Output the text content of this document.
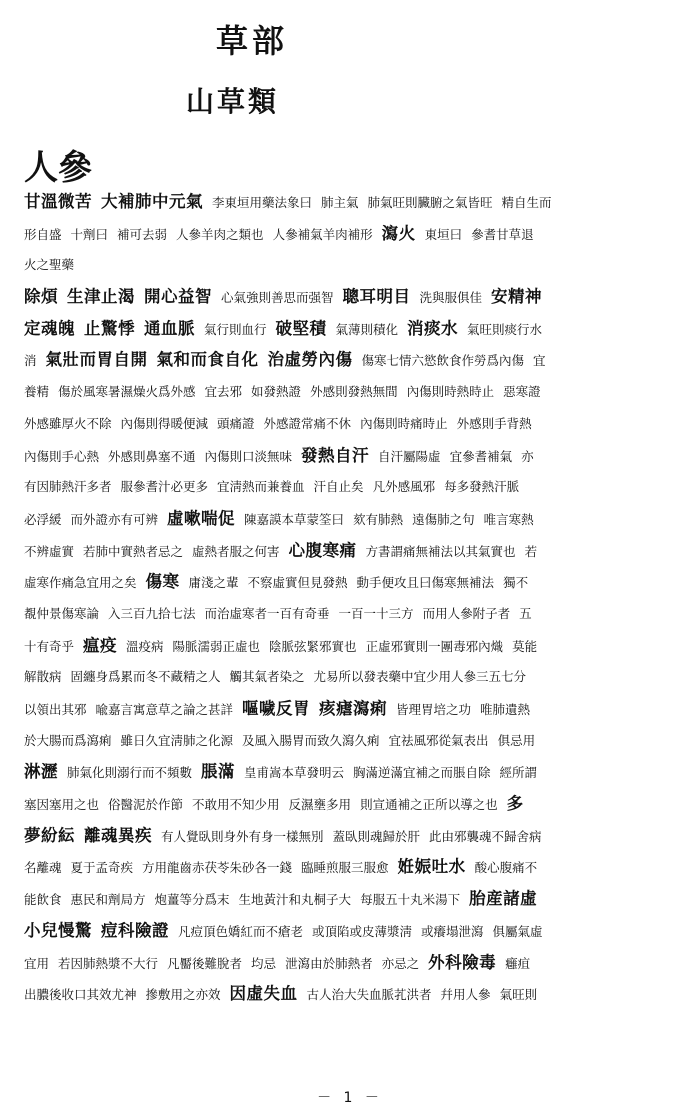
草部
山草類
人參
甘溫微苦 大補肺中元氣 李東垣用藥法象曰 肺主氣 肺氣旺則臟腑之氣皆旺 精自生而
形自盛 十劑曰 補可去弱 人參羊肉之類也 人參補氣羊肉補形 瀉火 東垣曰 參耆甘草退
火之聖藥
除煩 生津止渴 開心益智 心氣強則善思而强智 聰耳明目 洗與服俱佳 安精神
定魂魄 止驚悸 通血脈 氣行則血行 破堅積 氣薄則積化 消痰水 氣旺則痰行水
消 氣壯而胃自開 氣和而食自化 治虛勞內傷 傷寒七情六慾飲食作勞爲內傷 宜
養精 傷於風寒暑濕燥火爲外感 宜去邪 如發熱證 外感則發熱無間 內傷則時熱時止 惡寒證
外感雖厚火不除 內傷則得暖便減 頭痛證 外感證常痛不休 內傷則時痛時止 外感則手背熱
內傷則手心熱 外感則鼻塞不通 內傷則口淡無味 發熱自汗 自汗屬陽虛 宜參耆補氣 亦
有因肺熱汗多者 服參耆汁必更多 宜淸熱而兼養血 汗自止矣 凡外感風邪 每多發熱汗脈
必浮緩 而外證亦有可辨 虛嗽喘促 陳嘉謨本草蒙筌曰 欬有肺熱 遠傷肺之句 唯言寒熱
不辨虛實 若肺中實熱者忌之 虛熱者服之何害 心腹寒痛 方書謂痛無補法以其氣實也 若
虛寒作痛急宜用之矣 傷寒 庸淺之輩 不察虛實但見發熱 動手便攻且曰傷寒無補法 獨不
覩仲景傷寒論 入三百九拾七法 而治虛寒者一百有奇垂 一百一十三方 而用人參附子者 五
十有奇乎 瘟疫 溫疫病 陽脈濡弱正虛也 陰脈弦緊邪實也 正虛邪實則一團毒邪內熾 莫能
解散病 固纏身爲累而冬不藏精之人 觸其氣者染之 尤易所以發表藥中宜少用人參三五七分
以領出其邪 喩嘉言寓意草之論之甚詳 嘔噦反胃 痎瘧瀉痢 皆理胃培之功 唯肺遺熱
於大腸而爲瀉痢 雖日久宜淸肺之化源 及風入腸胃而致久瀉久痢 宜祛風邪從氣表出 俱忌用
淋瀝 肺氣化則溺行而不頻數 脹滿 皇甫嵩本草發明云 胸滿逆滿宜補之而脹自除 經所謂
塞因塞用之也 俗醫泥於作節 不敢用不知少用 反濕壅多用 則宣通補之正所以導之也 多
夢紛紜 離魂異疾 有人覺臥則身外有身一樣無別 蓋臥則魂歸於肝 此由邪襲魂不歸舍病
名離魂 夏于孟奇疾 方用龍齒赤茯苓朱砂各一錢 臨睡煎服三服愈 姙娠吐水 酸心腹痛不
能飮食 惠民和劑局方 炮薑等分爲末 生地黃汁和丸桐子大 每服五十丸米湯下 胎産諸虛
小兒慢驚 痘科險證 凡痘頂色嬌紅而不瘡老 或頂陷或皮薄漿淸 或癢塌泄瀉 俱屬氣虛
宜用 若因肺熱漿不大行 凡靨後難脫者 均忌 泄瀉由於肺熱者 亦忌之 外科險毒 癰疽
出膿後收口其效尤神 摻敷用之亦效 因虛失血 古人治大失血脈芤洪者 幷用人參 氣旺則
－ 1 －
